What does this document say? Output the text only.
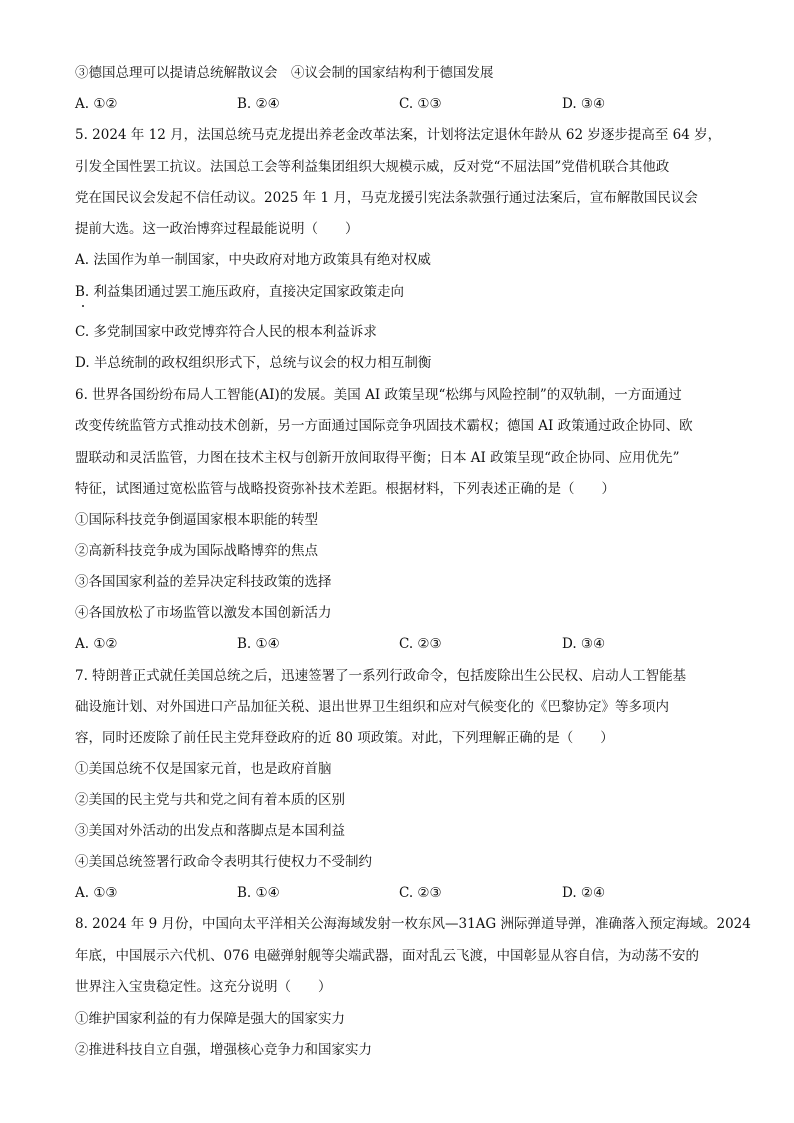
③德国总理可以提请总统解散议会　④议会制的国家结构利于德国发展
A. ①②	B. ②④	C. ①③	D. ③④
5. 2024 年 12 月，法国总统马克龙提出养老金改革法案，计划将法定退休年龄从 62 岁逐步提高至 64 岁，
引发全国性罢工抗议。法国总工会等利益集团组织大规模示威，反对党“不屈法国”党借机联合其他政
党在国民议会发起不信任动议。2025 年 1 月，马克龙援引宪法条款强行通过法案后，宣布解散国民议会
提前大选。这一政治博弈过程最能说明（　　）
A. 法国作为单一制国家，中央政府对地方政策具有绝对权威
B. 利益集团通过罢工施压政府，直接决定国家政策走向
C. 多党制国家中政党博弈符合人民的根本利益诉求
D. 半总统制的政权组织形式下，总统与议会的权力相互制衡
6. 世界各国纷纷布局人工智能(AI)的发展。美国 AI 政策呈现“松绑与风险控制”的双轨制，一方面通过
改变传统监管方式推动技术创新，另一方面通过国际竞争巩固技术霸权；德国 AI 政策通过政企协同、欧
盟联动和灵活监管，力图在技术主权与创新开放间取得平衡；日本 AI 政策呈现“政企协同、应用优先”
特征，试图通过宽松监管与战略投资弥补技术差距。根据材料，下列表述正确的是（　　）
①国际科技竞争倒逼国家根本职能的转型
②高新科技竞争成为国际战略博弈的焦点
③各国国家利益的差异决定科技政策的选择
④各国放松了市场监管以激发本国创新活力
A. ①②	B. ①④	C. ②③	D. ③④
7. 特朗普正式就任美国总统之后，迅速签署了一系列行政命令，包括废除出生公民权、启动人工智能基
础设施计划、对外国进口产品加征关税、退出世界卫生组织和应对气候变化的《巴黎协定》等多项内
容，同时还废除了前任民主党拜登政府的近 80 项政策。对此，下列理解正确的是（　　）
①美国总统不仅是国家元首，也是政府首脑
②美国的民主党与共和党之间有着本质的区别
③美国对外活动的出发点和落脚点是本国利益
④美国总统签署行政命令表明其行使权力不受制约
A. ①③	B. ①④	C. ②③	D. ②④
8. 2024 年 9 月份，中国向太平洋相关公海海域发射一枚东风—31AG 洲际弹道导弹，准确落入预定海域。2024
年底，中国展示六代机、076 电磁弹射舰等尖端武器，面对乱云飞渡，中国彰显从容自信，为动荡不安的
世界注入宝贵稳定性。这充分说明（　　）
①维护国家利益的有力保障是强大的国家实力
②推进科技自立自强，增强核心竞争力和国家实力
